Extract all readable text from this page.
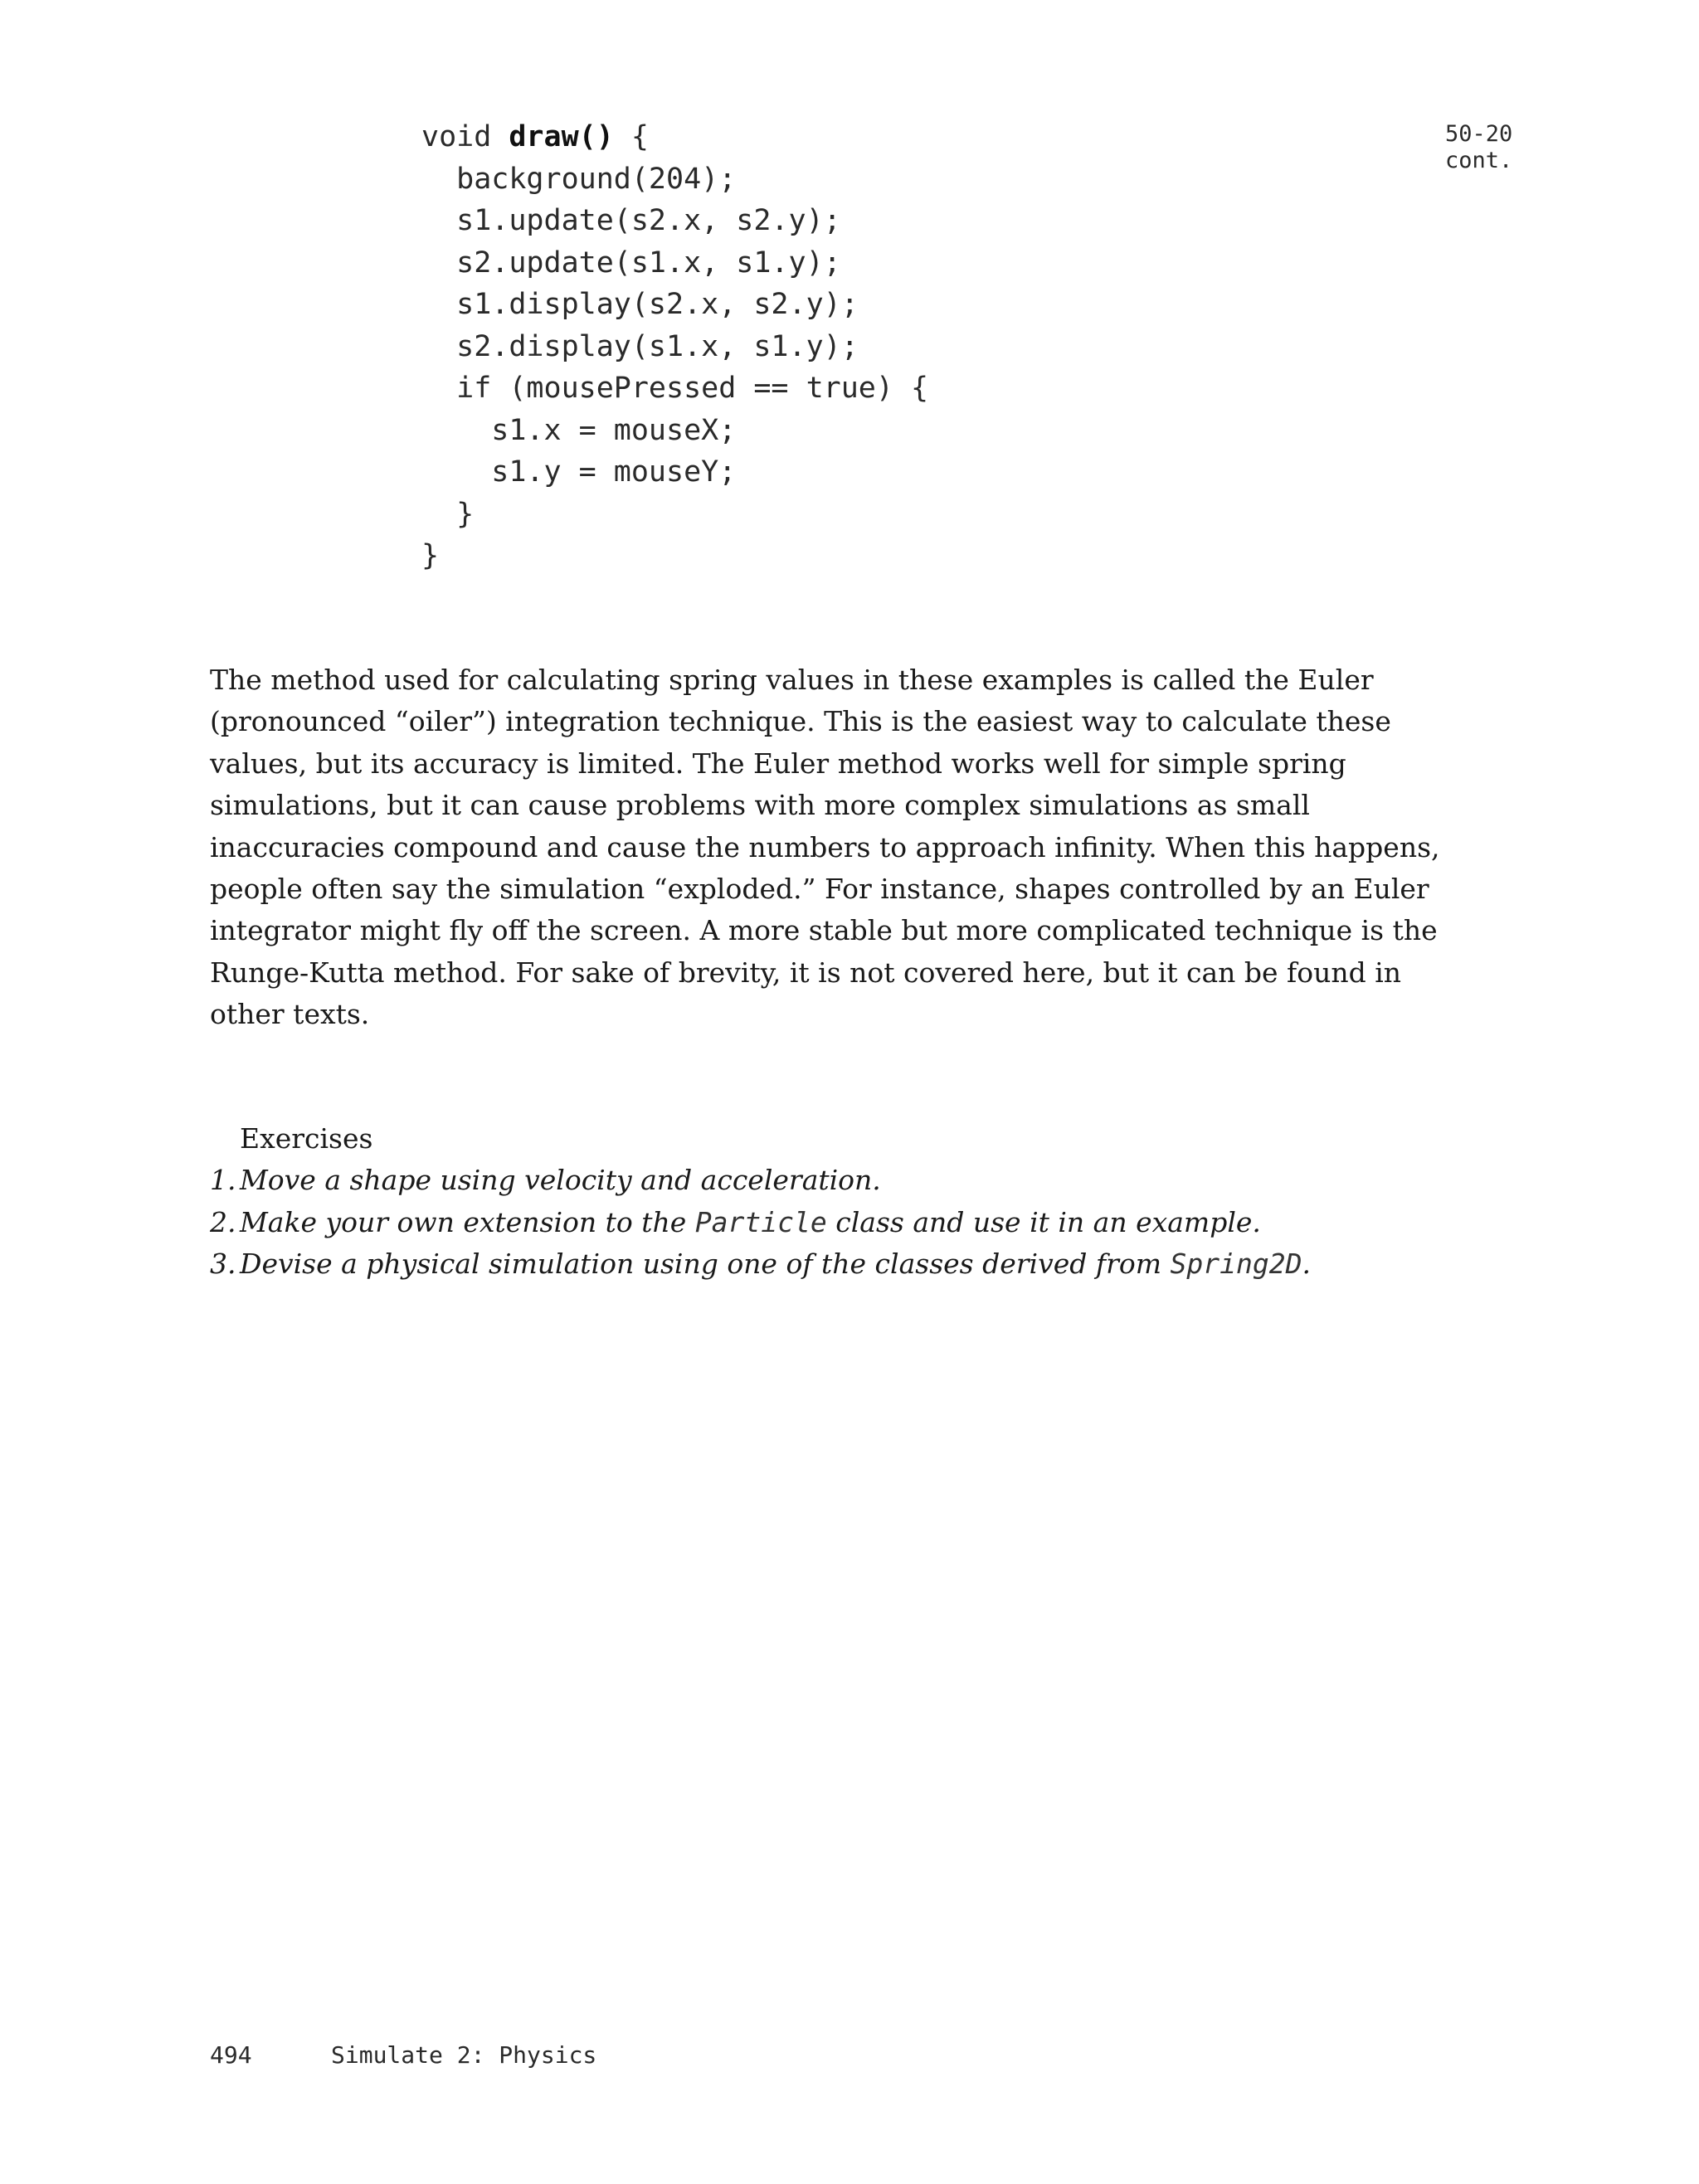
void draw() {
background(204);
s1.update(s2.x, s2.y);
s2.update(s1.x, s1.y);
s1.display(s2.x, s2.y);
s2.display(s1.x, s1.y);
if (mousePressed == true) {
s1.x = mouseX;
s1.y = mouseY;
}
}
50-20
cont.
The method used for calculating spring values in these examples is called the Euler
(pronounced “oiler”) integration technique. This is the easiest way to calculate these
values, but its accuracy is limited. The Euler method works well for simple spring
simulations, but it can cause problems with more complex simulations as small
inaccuracies compound and cause the numbers to approach infinity. When this happens,
people often say the simulation “exploded.” For instance, shapes controlled by an Euler
integrator might fly off the screen. A more stable but more complicated technique is the
Runge-Kutta method. For sake of brevity, it is not covered here, but it can be found in
other texts.
Exercises
1. Move a shape using velocity and acceleration.
2. Make your own extension to the Particle class and use it in an example.
3. Devise a physical simulation using one of the classes derived from Spring2D.
494	Simulate 2: Physics
